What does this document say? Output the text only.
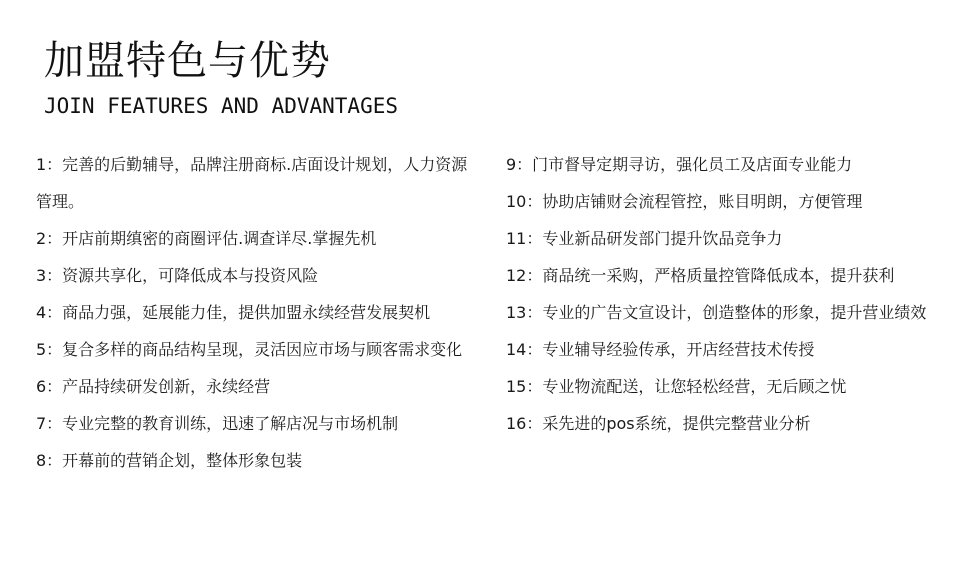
加盟特色与优势
JOIN FEATURES AND ADVANTAGES
1：完善的后勤辅导，品牌注册商标.店面设计规划，人力资源管理。
2：开店前期缜密的商圈评估.调查详尽.掌握先机
3：资源共享化，可降低成本与投资风险
4：商品力强，延展能力佳，提供加盟永续经营发展契机
5：复合多样的商品结构呈现，灵活因应市场与顾客需求变化
6：产品持续研发创新，永续经营
7：专业完整的教育训练，迅速了解店况与市场机制
8：开幕前的营销企划，整体形象包装
9：门市督导定期寻访，强化员工及店面专业能力
10：协助店铺财会流程管控，账目明朗，方便管理
11：专业新品研发部门提升饮品竞争力
12：商品统一采购，严格质量控管降低成本，提升获利
13：专业的广告文宣设计，创造整体的形象，提升营业绩效
14：专业辅导经验传承，开店经营技术传授
15：专业物流配送，让您轻松经营，无后顾之忧
16：采先进的pos系统，提供完整营业分析
